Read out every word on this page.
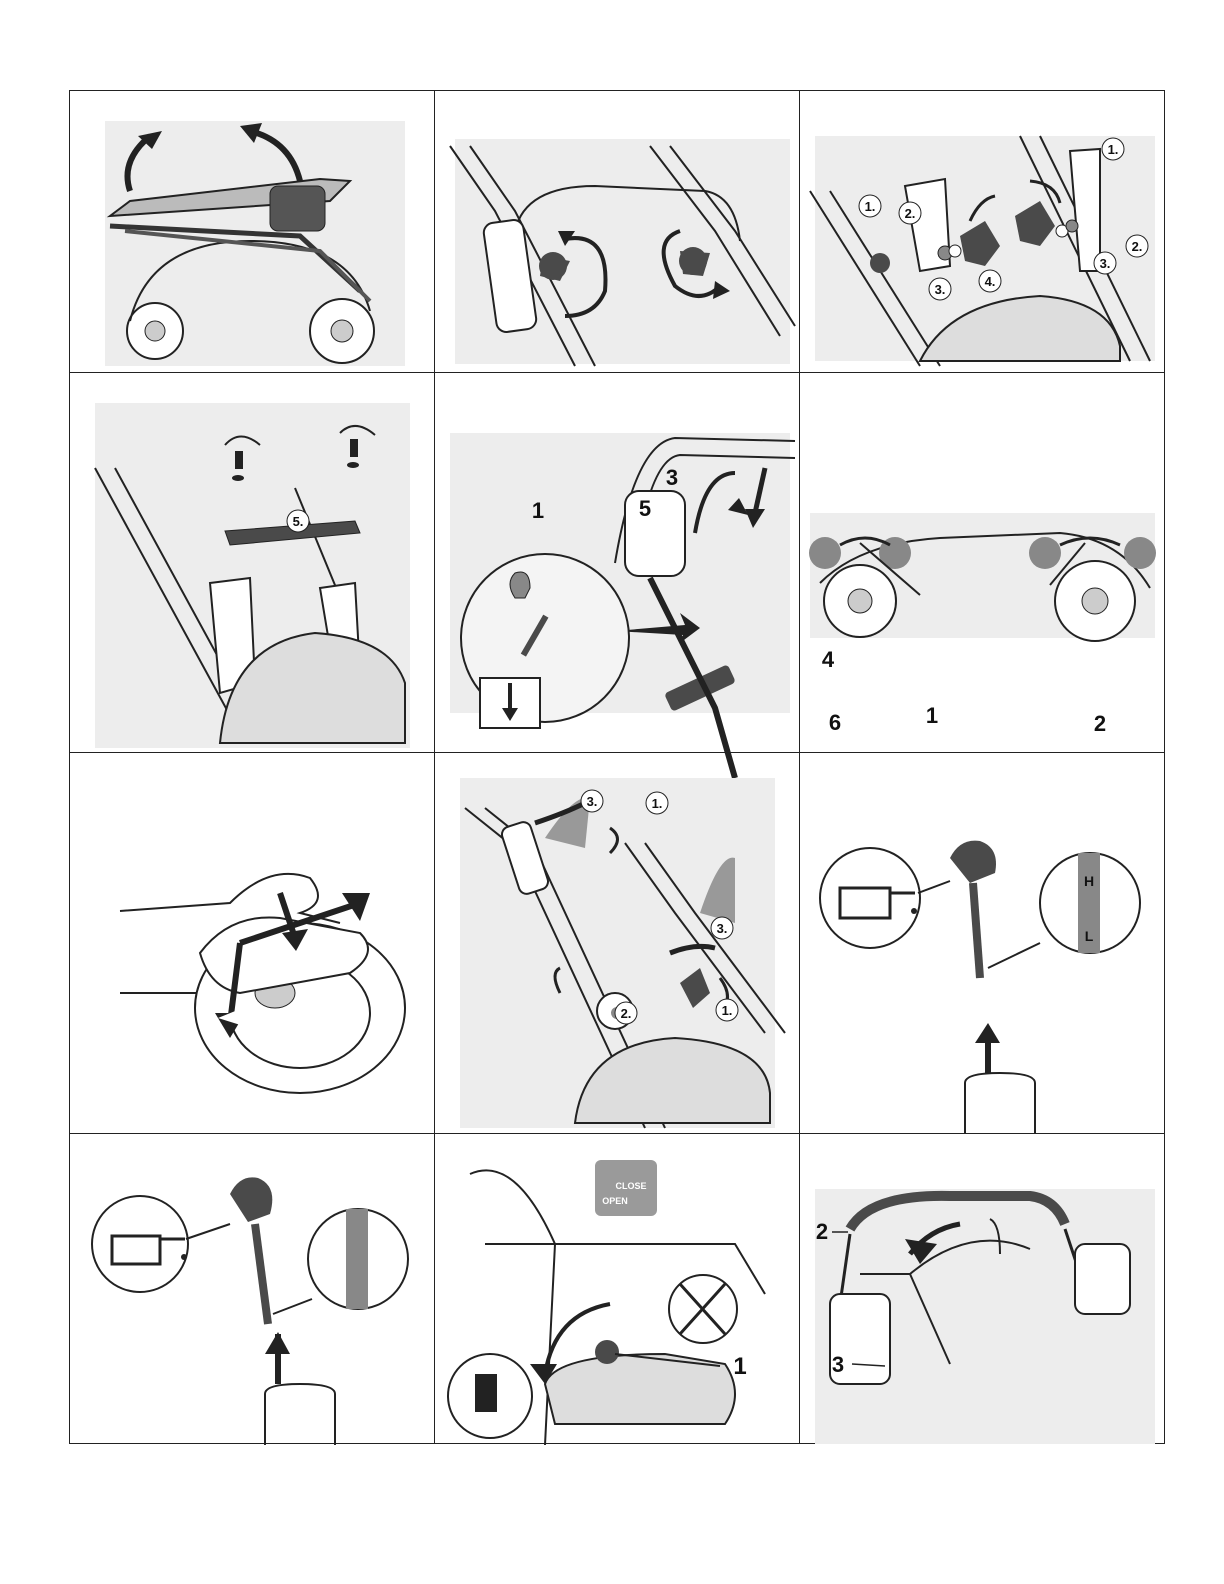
1. 2.
4.
3.
1.
2.
3.
5.	1
3
4
5
6	1	2
3.	1.
3.
2.	1.
H
L
CLOSE
OPEN
1
2
3
